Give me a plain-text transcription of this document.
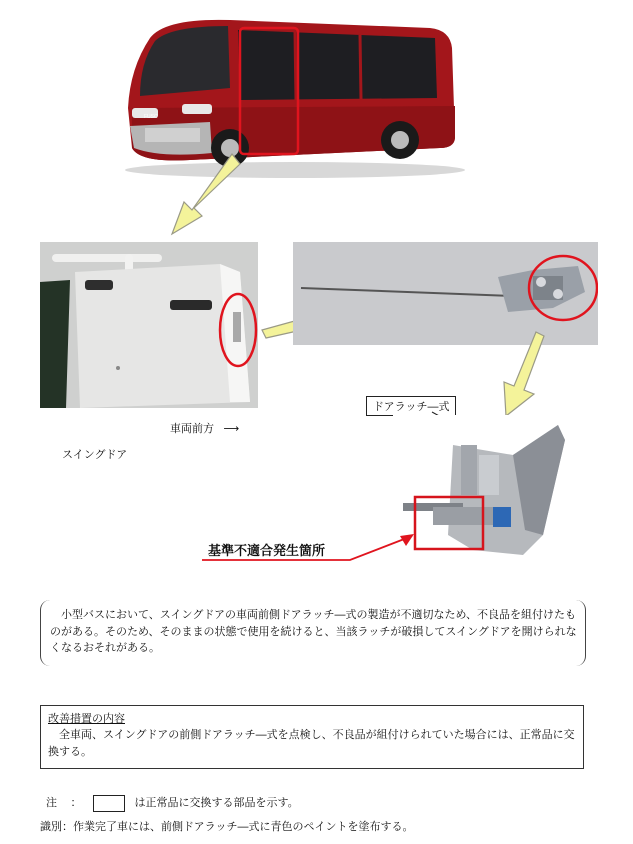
FUSO
ドアラッチ―式
スイングドア
車両前方 ⟶
基準不適合発生箇所
小型バスにおいて、スイングドアの車両前側ドアラッチ―式の製造が不適切なため、不良品を組付けたものがある。そのため、そのままの状態で使用を続けると、当該ラッチが破損してスイングドアを開けられなくなるおそれがある。
改善措置の内容
全車両、スイングドアの前側ドアラッチ―式を点検し、不良品が組付けられていた場合には、正常品に交換する。
注 ：	は正常品に交換する部品を示す。
識別：作業完了車には、前側ドアラッチ―式に青色のペイントを塗布する。
